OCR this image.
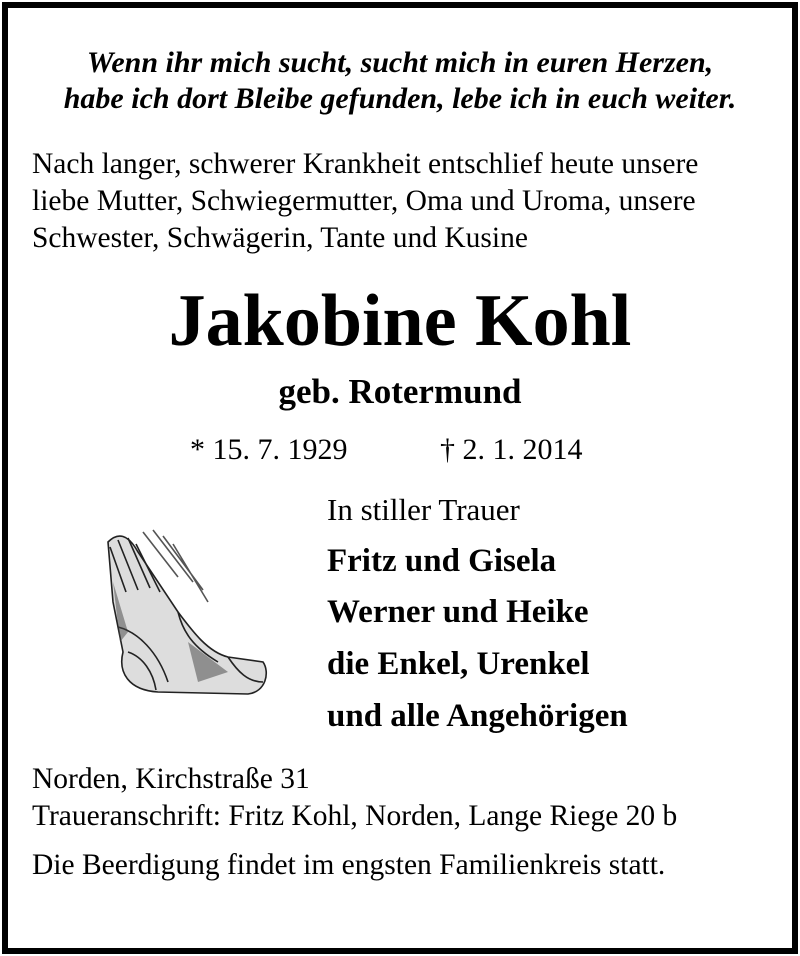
Wenn ihr mich sucht, sucht mich in euren Herzen,
habe ich dort Bleibe gefunden, lebe ich in euch weiter.
Nach langer, schwerer Krankheit entschlief heute unsere
liebe Mutter, Schwiegermutter, Oma und Uroma, unsere
Schwester, Schwägerin, Tante und Kusine
Jakobine Kohl
geb. Rotermund
* 15. 7. 1929	† 2. 1. 2014
In stiller Trauer
Fritz und Gisela
Werner und Heike
die Enkel, Urenkel
und alle Angehörigen
Norden, Kirchstraße 31
Traueranschrift: Fritz Kohl, Norden, Lange Riege 20 b
Die Beerdigung findet im engsten Familienkreis statt.
